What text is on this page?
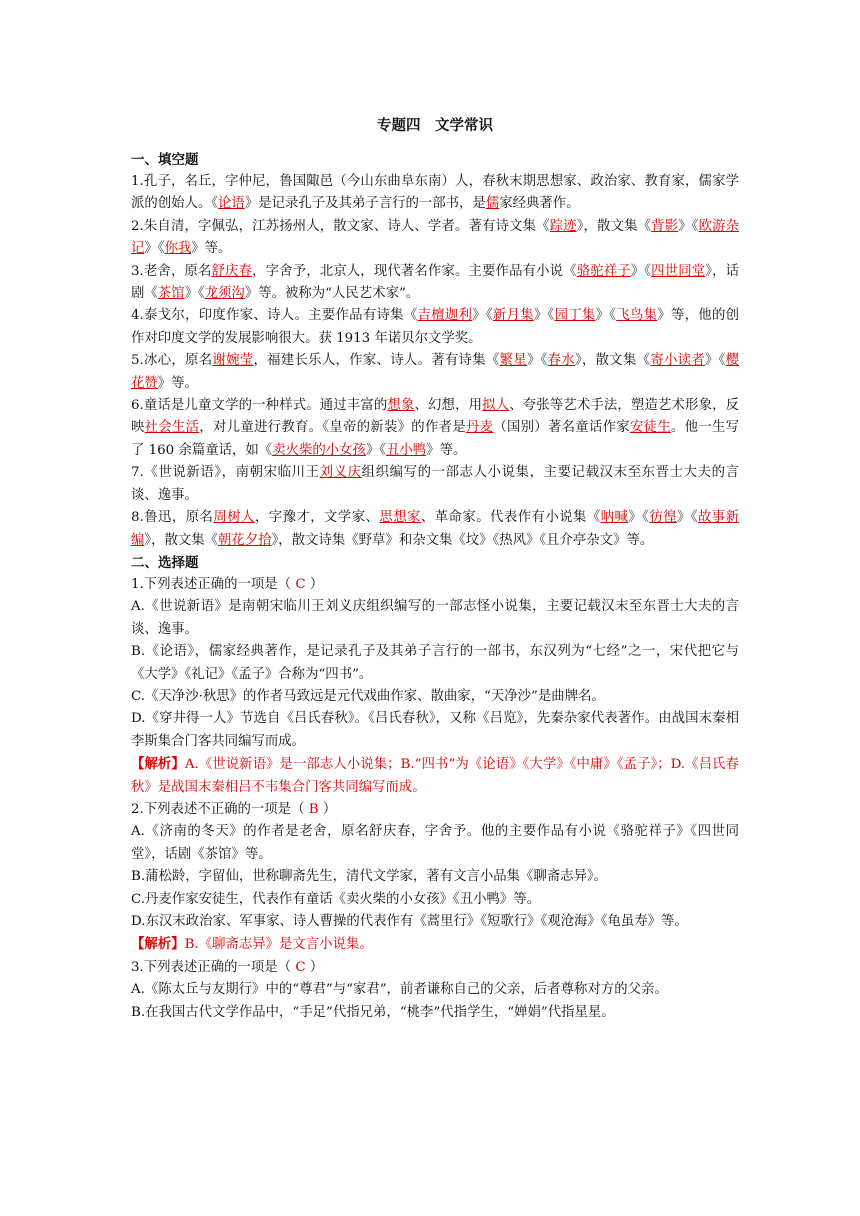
专题四　文学常识
一、填空题

1.孔子，名丘，字仲尼，鲁国陬邑（今山东曲阜东南）人，春秋末期思想家、政治家、教育家，儒家学派的创始人。《论语》是记录孔子及其弟子言行的一部书，是儒家经典著作。

2.朱自清，字佩弘，江苏扬州人，散文家、诗人、学者。著有诗文集《踪迹》，散文集《背影》《欧游杂记》《你我》等。

3.老舍，原名舒庆春，字舍予，北京人，现代著名作家。主要作品有小说《骆驼祥子》《四世同堂》，话剧《茶馆》《龙须沟》等。被称为“人民艺术家”。

4.泰戈尔，印度作家、诗人。主要作品有诗集《吉檀迦利》《新月集》《园丁集》《飞鸟集》等，他的创作对印度文学的发展影响很大。获 1913 年诺贝尔文学奖。

5.冰心，原名谢婉莹，福建长乐人，作家、诗人。著有诗集《繁星》《春水》，散文集《寄小读者》《樱花赞》等。

6.童话是儿童文学的一种样式。通过丰富的想象、幻想，用拟人、夸张等艺术手法，塑造艺术形象，反映社会生活，对儿童进行教育。《皇帝的新装》的作者是丹麦（国别）著名童话作家安徒生。他一生写了 160 余篇童话，如《卖火柴的小女孩》《丑小鸭》等。

7.《世说新语》，南朝宋临川王刘义庆组织编写的一部志人小说集，主要记载汉末至东晋士大夫的言谈、逸事。

8.鲁迅，原名周树人，字豫才，文学家、思想家、革命家。代表作有小说集《呐喊》《彷徨》《故事新编》，散文集《朝花夕拾》，散文诗集《野草》和杂文集《坟》《热风》《且介亭杂文》等。

二、选择题

1.下列表述正确的一项是（ C ）

A.《世说新语》是南朝宋临川王刘义庆组织编写的一部志怪小说集，主要记载汉末至东晋士大夫的言谈、逸事。

B.《论语》，儒家经典著作，是记录孔子及其弟子言行的一部书，东汉列为“七经”之一，宋代把它与《大学》《礼记》《孟子》合称为“四书”。

C.《天净沙·秋思》的作者马致远是元代戏曲作家、散曲家，“天净沙”是曲牌名。

D.《穿井得一人》节选自《吕氏春秋》。《吕氏春秋》，又称《吕览》，先秦杂家代表著作。由战国末秦相李斯集合门客共同编写而成。

【解析】A.《世说新语》是一部志人小说集；B.“四书”为《论语》《大学》《中庸》《孟子》；D.《吕氏春秋》是战国末秦相吕不韦集合门客共同编写而成。

2.下列表述不正确的一项是（ B ）

A.《济南的冬天》的作者是老舍，原名舒庆春，字舍予。他的主要作品有小说《骆驼祥子》《四世同堂》，话剧《茶馆》等。

B.蒲松龄，字留仙，世称聊斋先生，清代文学家，著有文言小品集《聊斋志异》。

C.丹麦作家安徒生，代表作有童话《卖火柴的小女孩》《丑小鸭》等。

D.东汉末政治家、军事家、诗人曹操的代表作有《蒿里行》《短歌行》《观沧海》《龟虽寿》等。

【解析】B.《聊斋志异》是文言小说集。

3.下列表述正确的一项是（ C ）

A.《陈太丘与友期行》中的“尊君”与“家君”，前者谦称自己的父亲，后者尊称对方的父亲。

B.在我国古代文学作品中，“手足”代指兄弟，“桃李”代指学生，“婵娟”代指星星。
